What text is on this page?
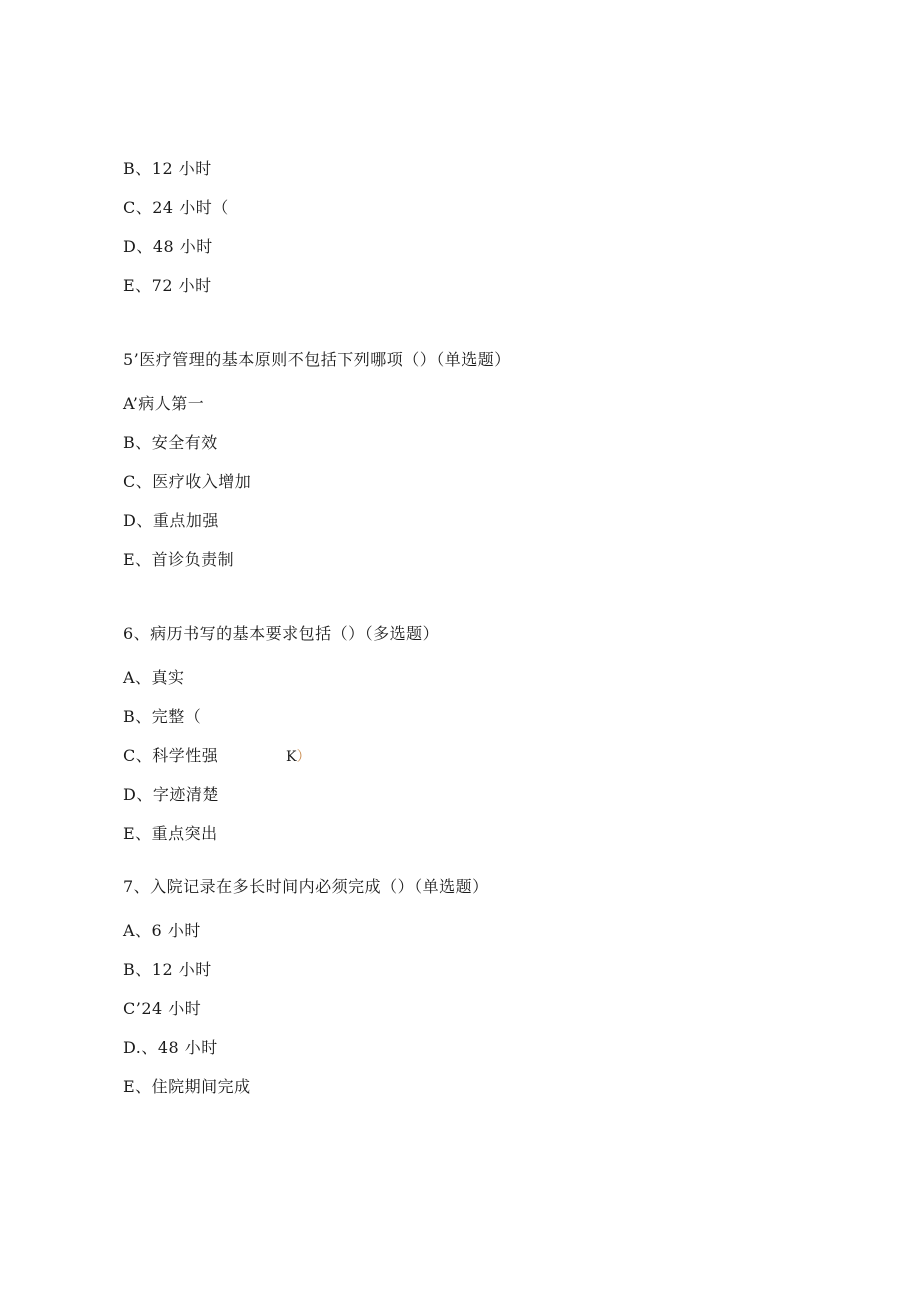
B、12 小时
C、24 小时（
D、48 小时
E、72 小时
5’医疗管理的基本原则不包括下列哪项（）（单选题）
A’病人第一
B、安全有效
C、医疗收入增加
D、重点加强
E、首诊负责制
6、病历书写的基本要求包括（）（多选题）
A、真实
B、完整（
C、科学性强	K）
D、字迹清楚
E、重点突出
7、入院记录在多长时间内必须完成（）（单选题）
A、6 小时
B、12 小时
C’24 小时
D.、48 小时
E、住院期间完成
